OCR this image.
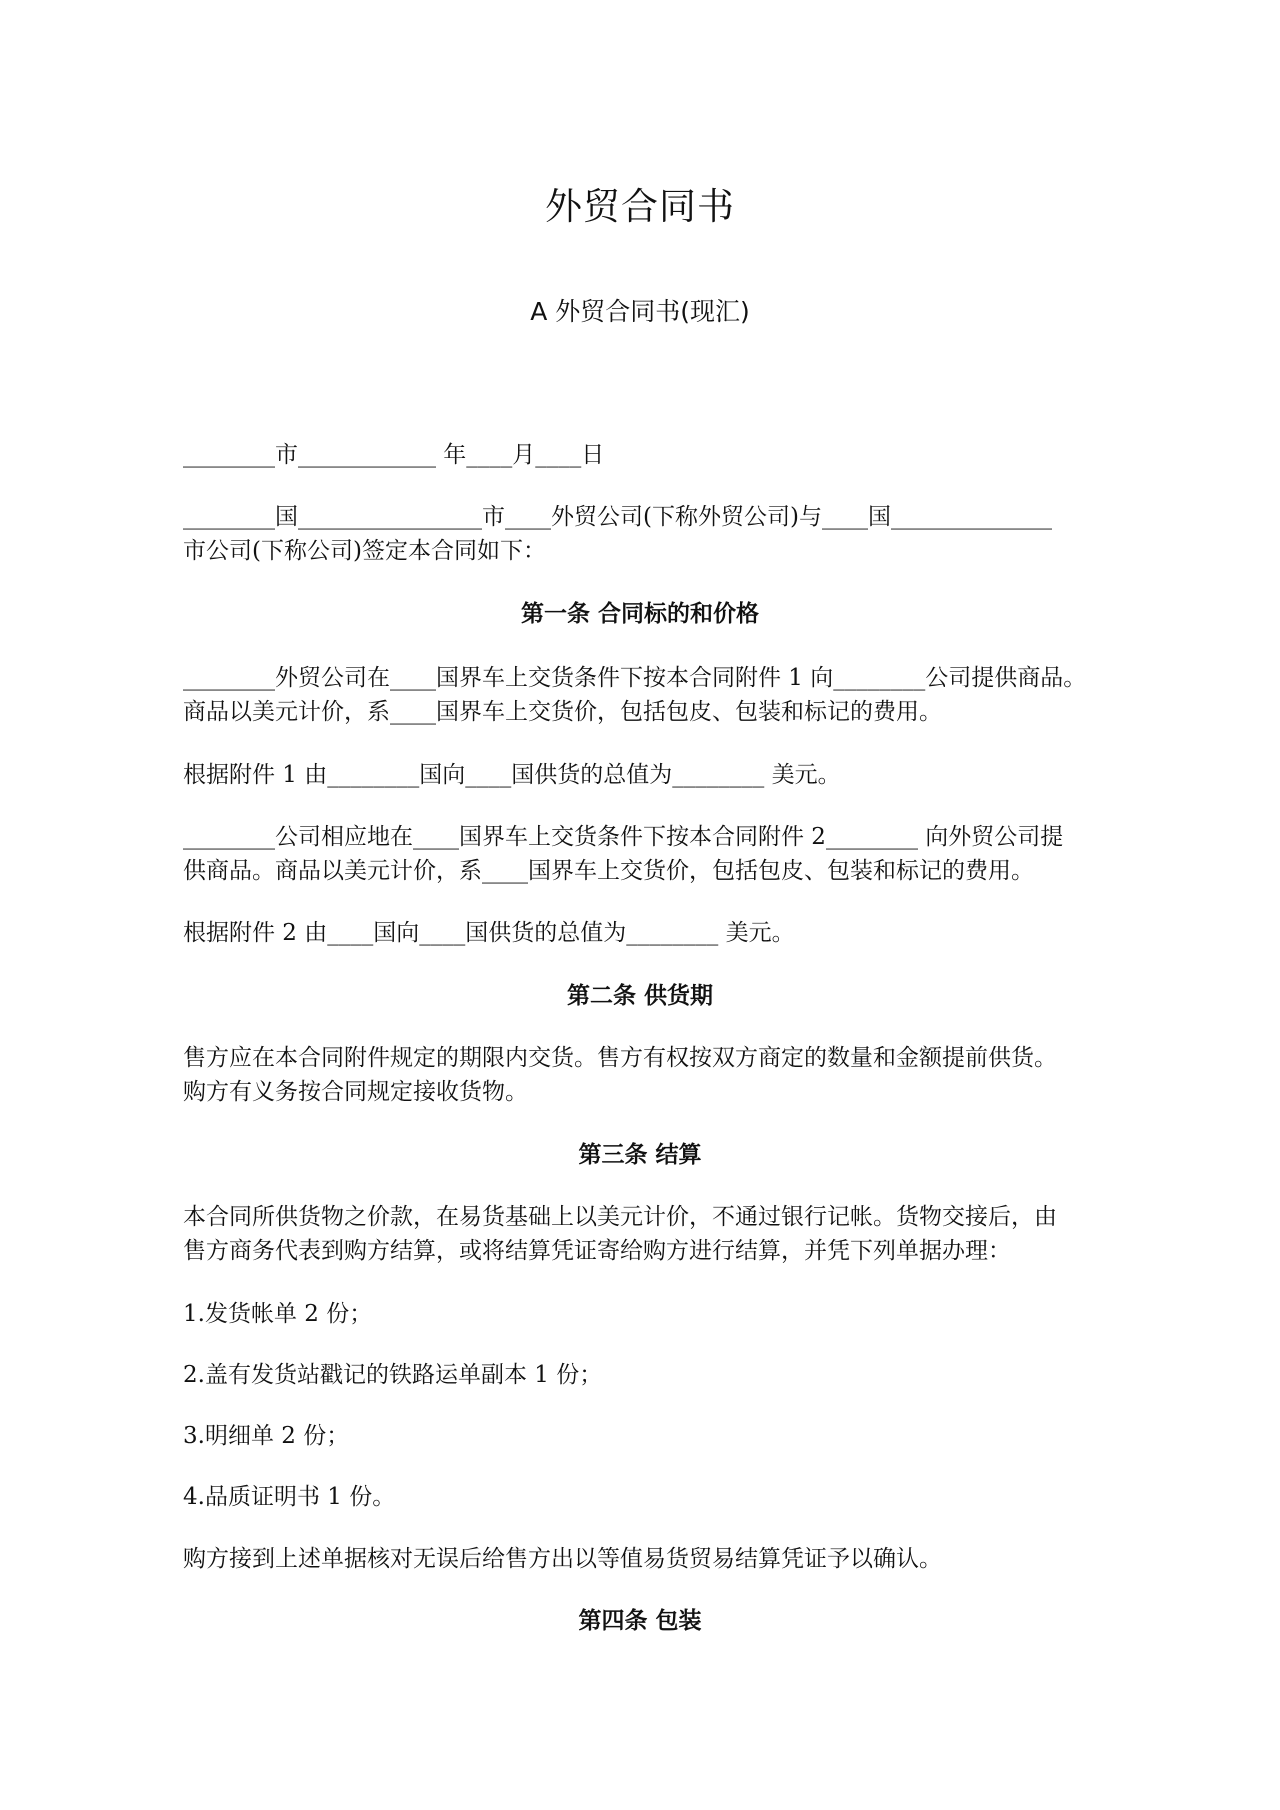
外贸合同书
A 外贸合同书(现汇)
________市____________ 年____月____日
________国________________市____外贸公司(下称外贸公司)与____国______________
市公司(下称公司)签定本合同如下：
第一条 合同标的和价格
________外贸公司在____国界车上交货条件下按本合同附件 1 向________公司提供商品。
商品以美元计价，系____国界车上交货价，包括包皮、包装和标记的费用。
根据附件 1 由________国向____国供货的总值为________ 美元。
________公司相应地在____国界车上交货条件下按本合同附件 2________ 向外贸公司提
供商品。商品以美元计价，系____国界车上交货价，包括包皮、包装和标记的费用。
根据附件 2 由____国向____国供货的总值为________ 美元。
第二条 供货期
售方应在本合同附件规定的期限内交货。售方有权按双方商定的数量和金额提前供货。
购方有义务按合同规定接收货物。
第三条 结算
本合同所供货物之价款，在易货基础上以美元计价，不通过银行记帐。货物交接后，由
售方商务代表到购方结算，或将结算凭证寄给购方进行结算，并凭下列单据办理：
1.发货帐单 2 份；
2.盖有发货站戳记的铁路运单副本 1 份；
3.明细单 2 份；
4.品质证明书 1 份。
购方接到上述单据核对无误后给售方出以等值易货贸易结算凭证予以确认。
第四条 包装
